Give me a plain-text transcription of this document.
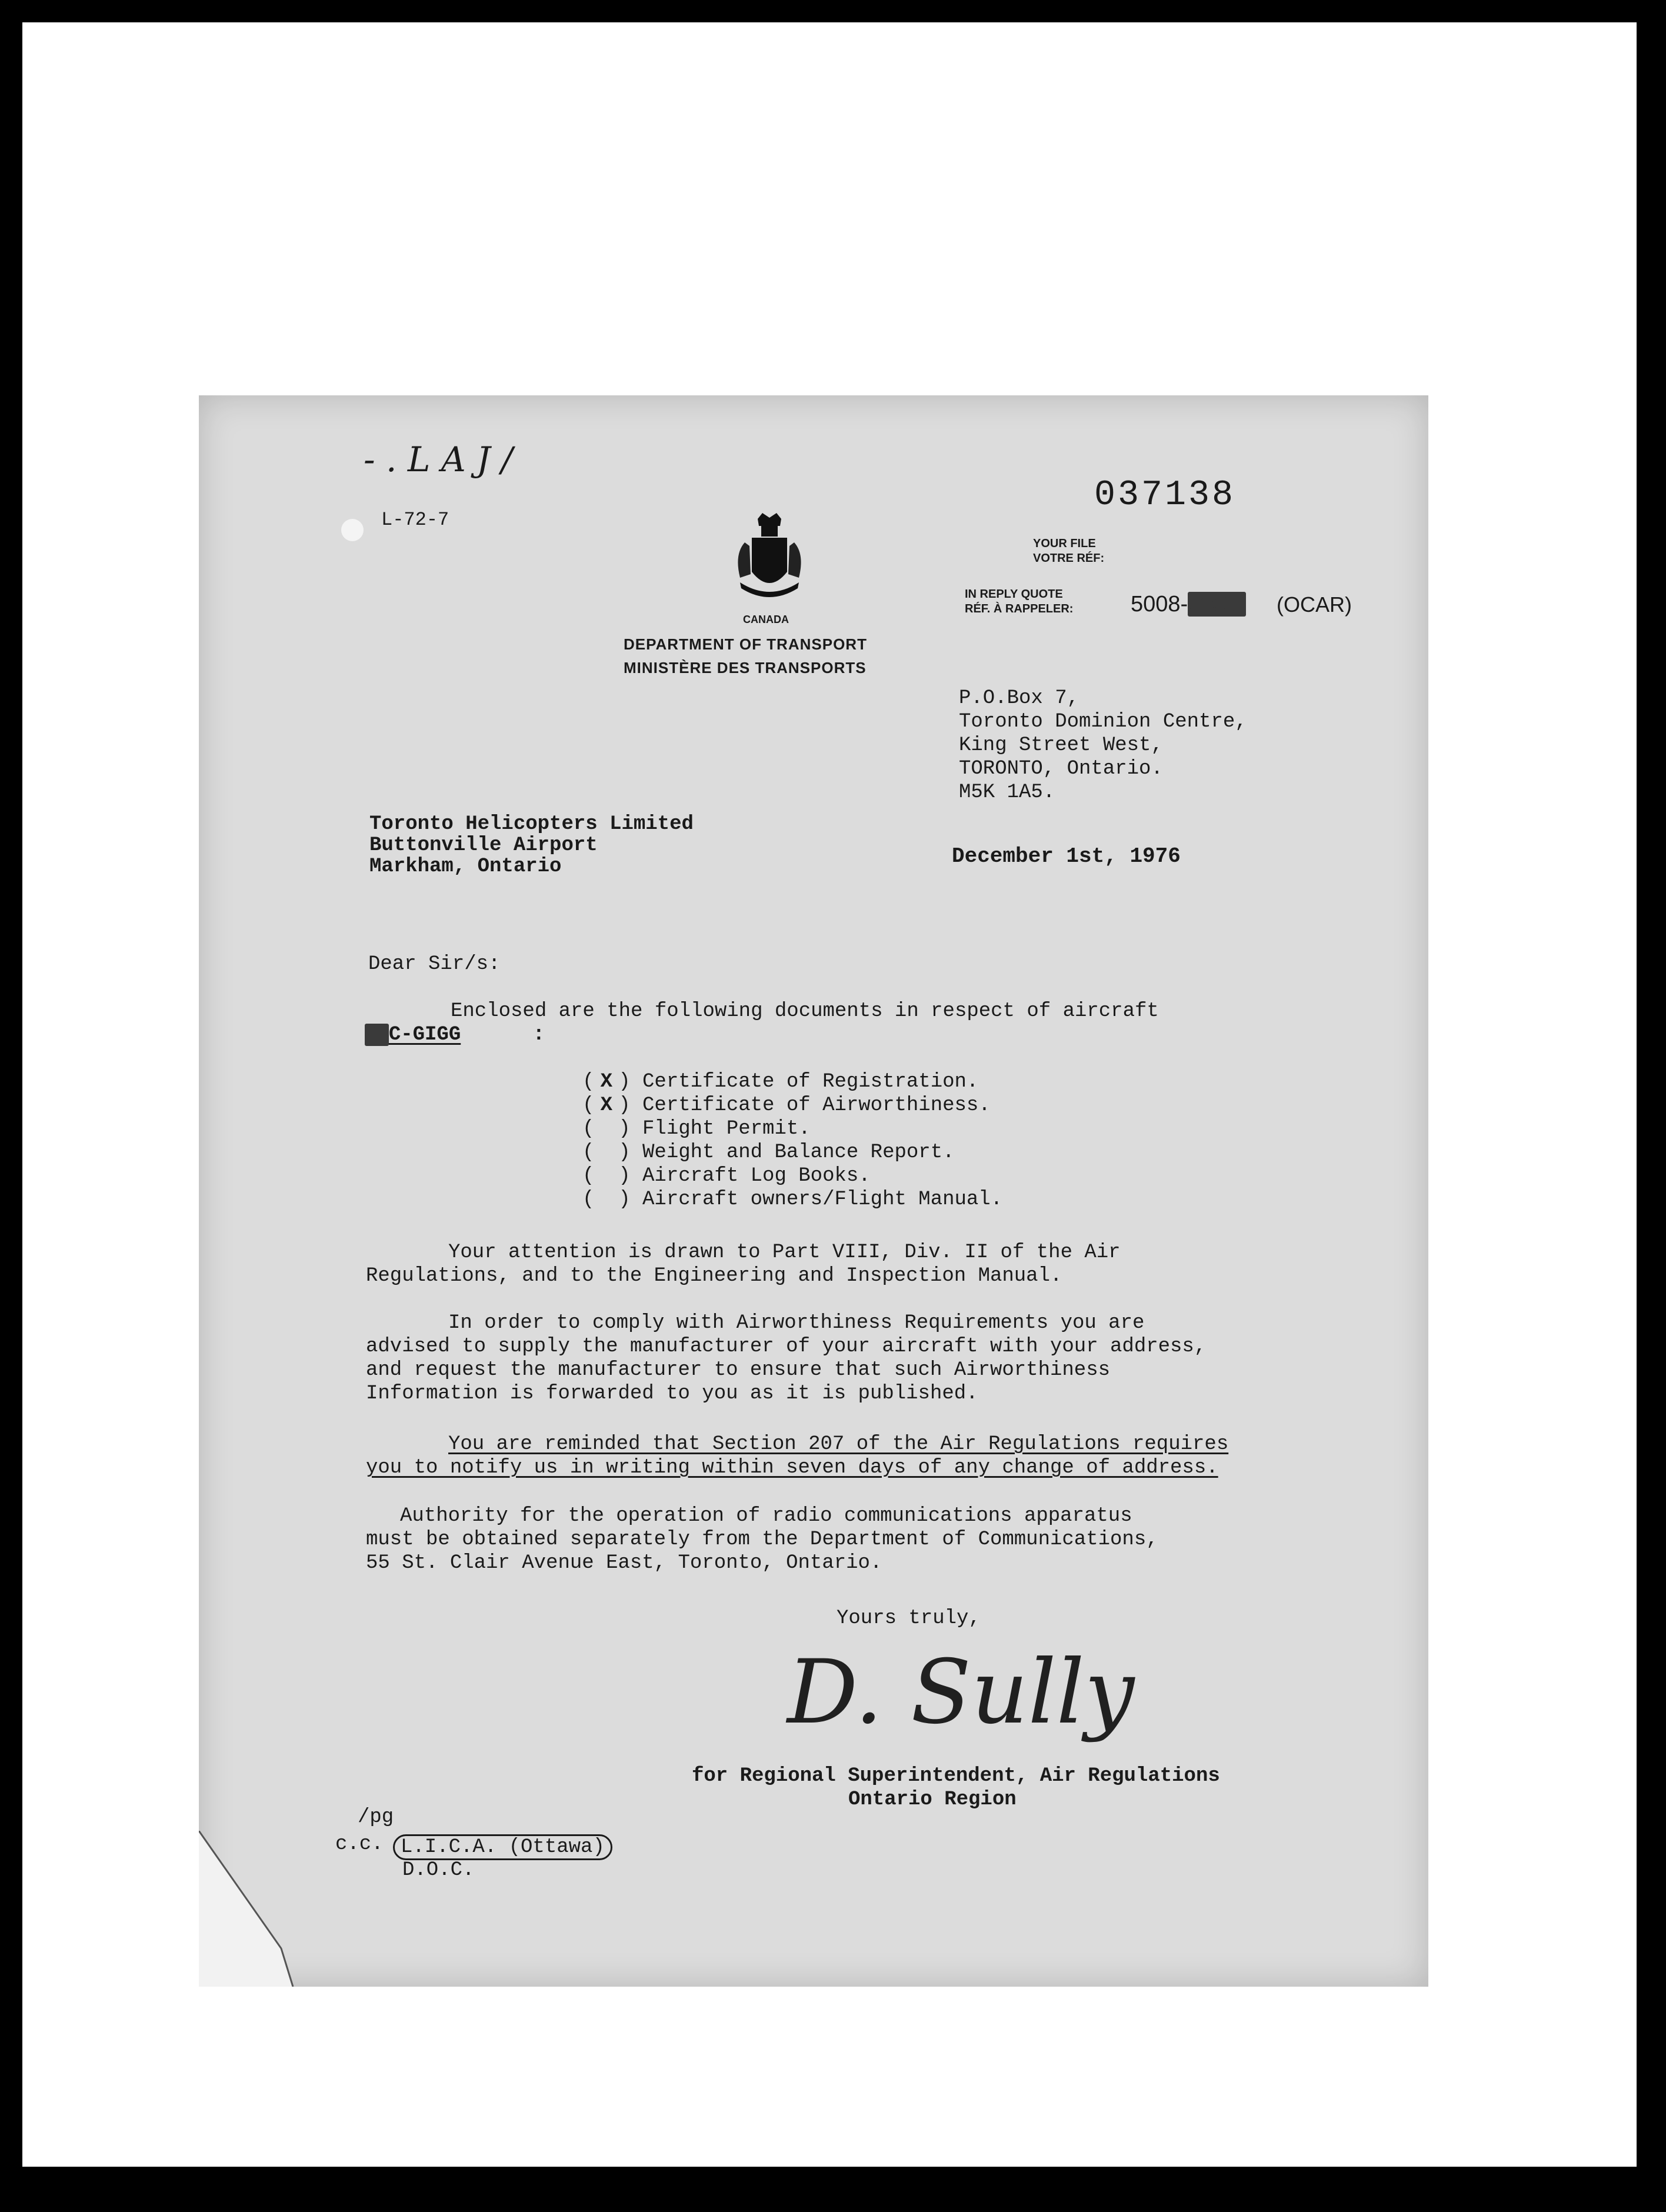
- . L A J /
L-72-7
037138
CANADA
DEPARTMENT OF TRANSPORT
MINISTÈRE DES TRANSPORTS
YOUR FILE
VOTRE RÉF:
IN REPLY QUOTE
RÉF. À RAPPELER:	5008-GIGG (OCAR)
P.O.Box 7,
Toronto Dominion Centre,
King Street West,
TORONTO, Ontario.
M5K 1A5.
Toronto Helicopters Limited
Buttonville Airport
Markham, Ontario	December 1st, 1976
Dear Sir/s:
Enclosed are the following documents in respect of aircraft
CFC-GIGG	:
( X ) Certificate of Registration.
( X ) Certificate of Airworthiness.
( ) Flight Permit.
( ) Weight and Balance Report.
( ) Aircraft Log Books.
( ) Aircraft owners/Flight Manual.
Your attention is drawn to Part VIII, Div. II of the Air
Regulations, and to the Engineering and Inspection Manual.
In order to comply with Airworthiness Requirements you are
advised to supply the manufacturer of your aircraft with your address,
and request the manufacturer to ensure that such Airworthiness
Information is forwarded to you as it is published.
You are reminded that Section 207 of the Air Regulations requires
you to notify us in writing within seven days of any change of address.
Authority for the operation of radio communications apparatus
must be obtained separately from the Department of Communications,
55 St. Clair Avenue East, Toronto, Ontario.
Yours truly,
D. Sully
for Regional Superintendent, Air Regulations
Ontario Region
/pg
c.c. L.I.C.A. (Ottawa)
D.O.C.
